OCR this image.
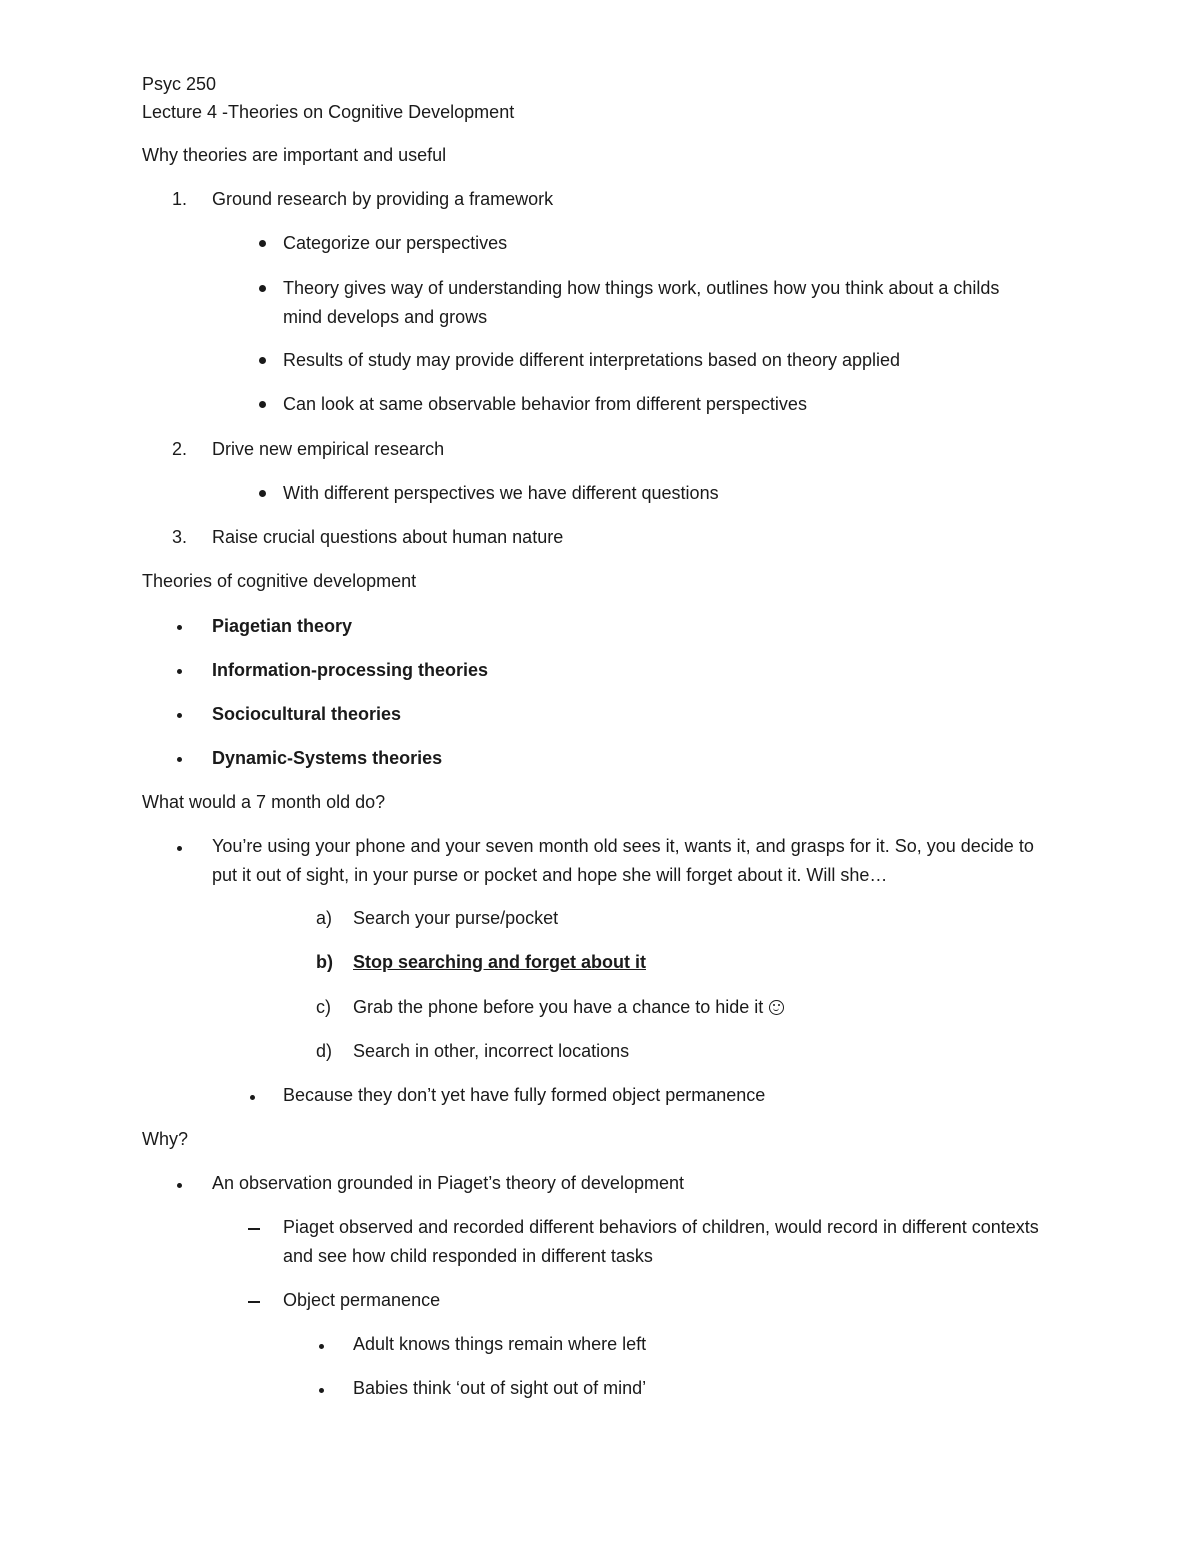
Psyc 250
Lecture 4 -Theories on Cognitive Development
Why theories are important and useful
1. Ground research by providing a framework
Categorize our perspectives
Theory gives way of understanding how things work, outlines how you think about a childs mind develops and grows
Results of study may provide different interpretations based on theory applied
Can look at same observable behavior from different perspectives
2. Drive new empirical research
With different perspectives we have different questions
3. Raise crucial questions about human nature
Theories of cognitive development
Piagetian theory
Information-processing theories
Sociocultural theories
Dynamic-Systems theories
What would a 7 month old do?
You’re using your phone and your seven month old sees it, wants it, and grasps for it. So, you decide to put it out of sight, in your purse or pocket and hope she will forget about it. Will she…
a) Search your purse/pocket
b) Stop searching and forget about it
c) Grab the phone before you have a chance to hide it
d) Search in other, incorrect locations
Because they don’t yet have fully formed object permanence
Why?
An observation grounded in Piaget’s theory of development
Piaget observed and recorded different behaviors of children, would record in different contexts and see how child responded in different tasks
Object permanence
Adult knows things remain where left
Babies think ‘out of sight out of mind’
